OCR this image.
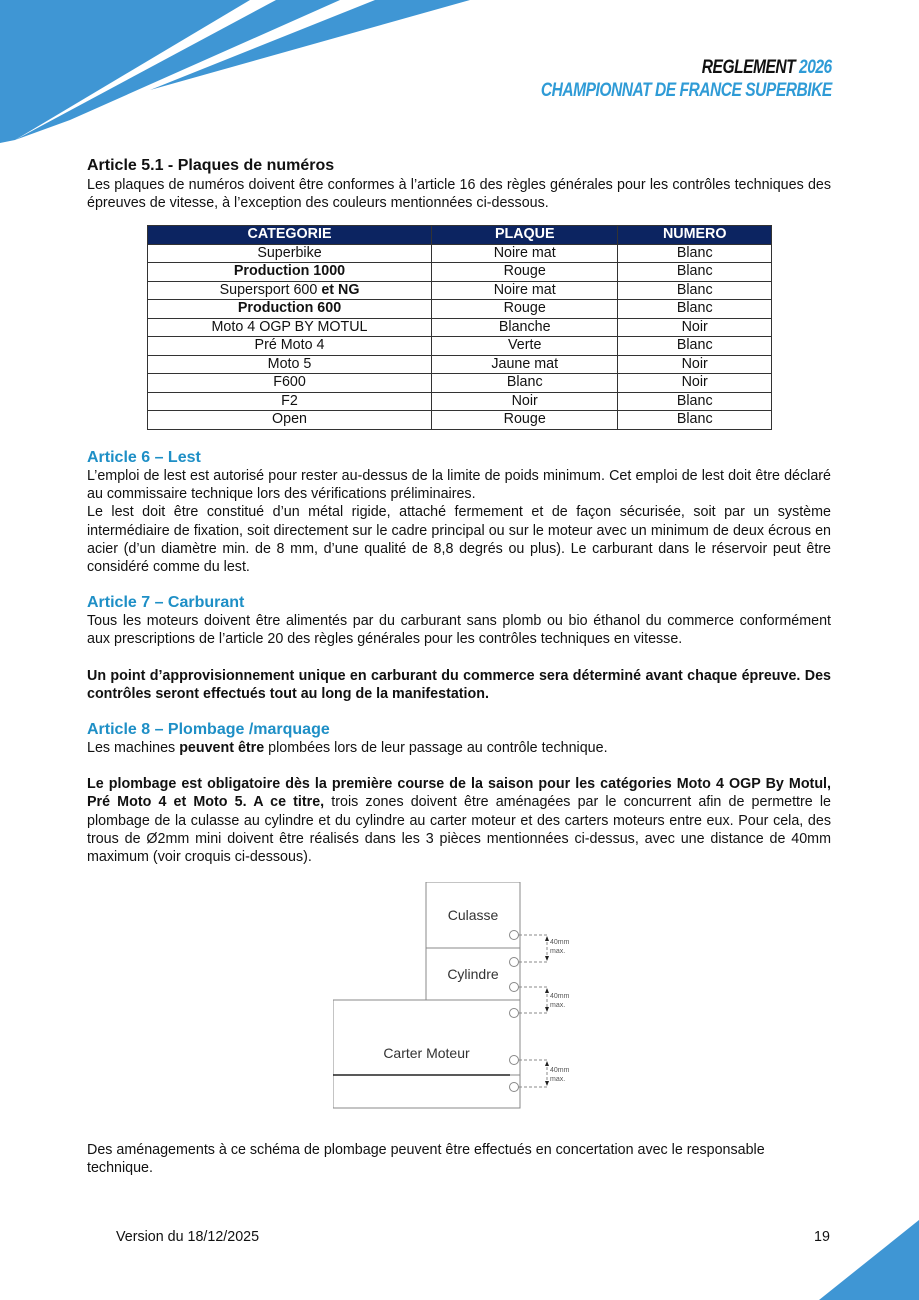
REGLEMENT 2026
CHAMPIONNAT DE FRANCE SUPERBIKE
Article 5.1 - Plaques de numéros

Les plaques de numéros doivent être conformes à l’article 16 des règles générales pour les contrôles techniques des épreuves de vitesse, à l’exception des couleurs mentionnées ci-dessous.

CATEGORIE	PLAQUE	NUMERO
Superbike	Noire mat	Blanc
Production 1000	Rouge	Blanc
Supersport 600 et NG	Noire mat	Blanc
Production 600	Rouge	Blanc
Moto 4 OGP BY MOTUL	Blanche	Noir
Pré Moto 4	Verte	Blanc
Moto 5	Jaune mat	Noir
F600	Blanc	Noir
F2	Noir	Blanc
Open	Rouge	Blanc
Article 6 – Lest

L’emploi de lest est autorisé pour rester au-dessus de la limite de poids minimum. Cet emploi de lest doit être déclaré au commissaire technique lors des vérifications préliminaires.

Le lest doit être constitué d’un métal rigide, attaché fermement et de façon sécurisée, soit par un système intermédiaire de fixation, soit directement sur le cadre principal ou sur le moteur avec un minimum de deux écrous en acier (d’un diamètre min. de 8 mm, d’une qualité de 8,8 degrés ou plus). Le carburant dans le réservoir peut être considéré comme du lest.

Article 7 – Carburant

Tous les moteurs doivent être alimentés par du carburant sans plomb ou bio éthanol du commerce conformément aux prescriptions de l’article 20 des règles générales pour les contrôles techniques en vitesse.

Un point d’approvisionnement unique en carburant du commerce sera déterminé avant chaque épreuve. Des contrôles seront effectués tout au long de la manifestation.

Article 8 – Plombage /marquage

Les machines peuvent être plombées lors de leur passage au contrôle technique.

Le plombage est obligatoire dès la première course de la saison pour les catégories Moto 4 OGP By Motul, Pré Moto 4 et Moto 5. A ce titre, trois zones doivent être aménagées par le concurrent afin de permettre le plombage de la culasse au cylindre et du cylindre au carter moteur et des carters moteurs entre eux. Pour cela, des trous de Ø2mm mini doivent être réalisés dans les 3 pièces mentionnées ci-dessus, avec une distance de 40mm maximum (voir croquis ci-dessous).

Culasse
Cylindre
Carter Moteur
40mm
max.
40mm
max.
40mm
max.

Des aménagements à ce schéma de plombage peuvent être effectués en concertation avec le responsable technique.

Version du 18/12/2025	19
